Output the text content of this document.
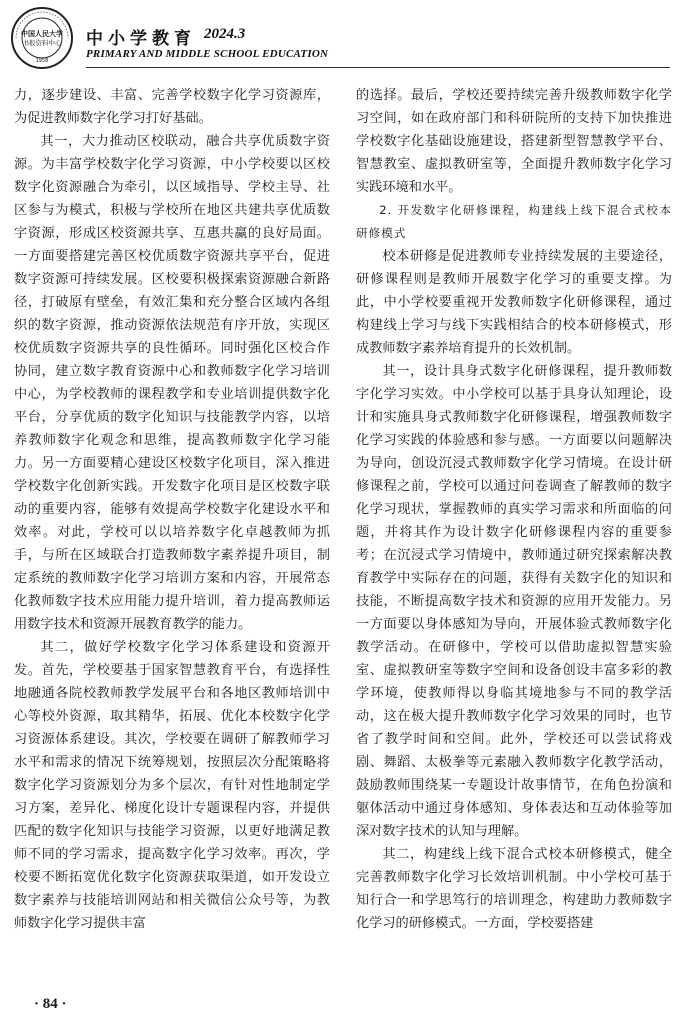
中国人民大学
书报资料中心
1958
中小学教育 2024.3
PRIMARY AND MIDDLE SCHOOL EDUCATION

力，逐步建设、丰富、完善学校数字化学习资源库，为促进教师数字化学习打好基础。

其一，大力推动区校联动，融合共享优质数字资源。为丰富学校数字化学习资源，中小学校要以区校数字化资源融合为牵引，以区域指导、学校主导、社区参与为模式，积极与学校所在地区共建共享优质数字资源，形成区校资源共享、互惠共赢的良好局面。一方面要搭建完善区校优质数字资源共享平台，促进数字资源可持续发展。区校要积极探索资源融合新路径，打破原有壁垒，有效汇集和充分整合区域内各组织的数字资源，推动资源依法规范有序开放，实现区校优质数字资源共享的良性循环。同时强化区校合作协同，建立数字教育资源中心和教师数字化学习培训中心，为学校教师的课程教学和专业培训提供数字化平台，分享优质的数字化知识与技能教学内容，以培养教师数字化观念和思维，提高教师数字化学习能力。另一方面要精心建设区校数字化项目，深入推进学校数字化创新实践。开发数字化项目是区校数字联动的重要内容，能够有效提高学校数字化建设水平和效率。对此，学校可以以培养数字化卓越教师为抓手，与所在区域联合打造教师数字素养提升项目，制定系统的教师数字化学习培训方案和内容，开展常态化教师数字技术应用能力提升培训，着力提高教师运用数字技术和资源开展教育教学的能力。

其二，做好学校数字化学习体系建设和资源开发。首先，学校要基于国家智慧教育平台，有选择性地融通各院校教师教学发展平台和各地区教师培训中心等校外资源，取其精华，拓展、优化本校数字化学习资源体系建设。其次，学校要在调研了解教师学习水平和需求的情况下统筹规划，按照层次分配策略将数字化学习资源划分为多个层次，有针对性地制定学习方案，差异化、梯度化设计专题课程内容，并提供匹配的数字化知识与技能学习资源，以更好地满足教师不同的学习需求，提高数字化学习效率。再次，学校要不断拓宽优化数字化资源获取渠道，如开发设立数字素养与技能培训网站和相关微信公众号等，为教师数字化学习提供丰富

的选择。最后，学校还要持续完善升级教师数字化学习空间，如在政府部门和科研院所的支持下加快推进学校数字化基础设施建设，搭建新型智慧教学平台、智慧教室、虚拟教研室等，全面提升教师数字化学习实践环境和水平。

2. 开发数字化研修课程，构建线上线下混合式校本研修模式

校本研修是促进教师专业持续发展的主要途径，研修课程则是教师开展数字化学习的重要支撑。为此，中小学校要重视开发教师数字化研修课程，通过构建线上学习与线下实践相结合的校本研修模式，形成教师数字素养培育提升的长效机制。

其一，设计具身式数字化研修课程，提升教师数字化学习实效。中小学校可以基于具身认知理论，设计和实施具身式教师数字化研修课程，增强教师数字化学习实践的体验感和参与感。一方面要以问题解决为导向，创设沉浸式教师数字化学习情境。在设计研修课程之前，学校可以通过问卷调查了解教师的数字化学习现状，掌握教师的真实学习需求和所面临的问题，并将其作为设计数字化研修课程内容的重要参考；在沉浸式学习情境中，教师通过研究探索解决教育教学中实际存在的问题，获得有关数字化的知识和技能，不断提高数字技术和资源的应用开发能力。另一方面要以身体感知为导向，开展体验式教师数字化教学活动。在研修中，学校可以借助虚拟智慧实验室、虚拟教研室等数字空间和设备创设丰富多彩的教学环境，使教师得以身临其境地参与不同的教学活动，这在极大提升教师数字化学习效果的同时，也节省了教学时间和空间。此外，学校还可以尝试将戏剧、舞蹈、太极拳等元素融入教师数字化教学活动，鼓励教师围绕某一专题设计故事情节，在角色扮演和躯体活动中通过身体感知、身体表达和互动体验等加深对数字技术的认知与理解。

其二，构建线上线下混合式校本研修模式，健全完善教师数字化学习长效培训机制。中小学校可基于知行合一和学思笃行的培训理念，构建助力教师数字化学习的研修模式。一方面，学校要搭建

· 84 ·
